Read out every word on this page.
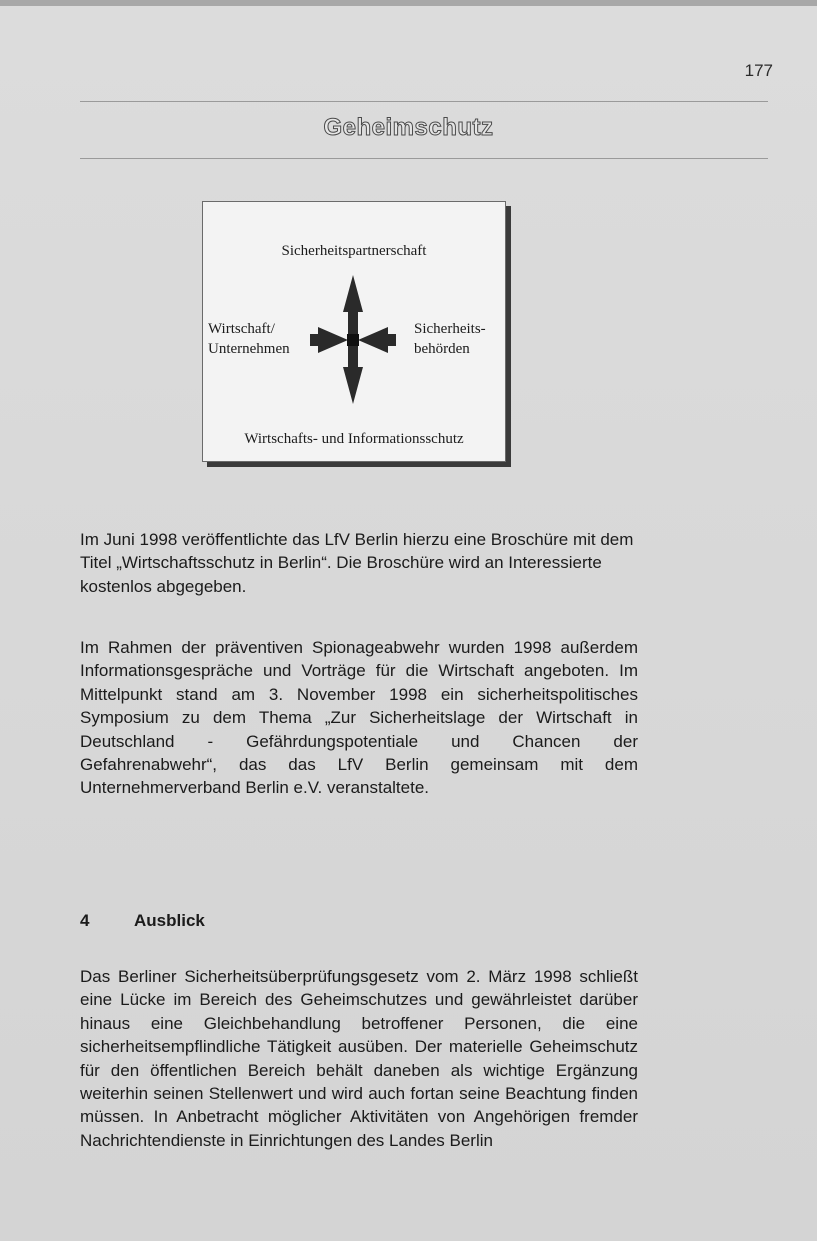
177
Geheimschutz
Sicherheitspartnerschaft
Wirtschaft/
Unternehmen
Sicherheits-
behörden
Wirtschafts- und Informationsschutz

Im Juni 1998 veröffentlichte das LfV Berlin hierzu eine Broschüre mit dem Titel „Wirtschaftsschutz in Berlin“. Die Broschüre wird an Interessierte kostenlos abgegeben.

Im Rahmen der präventiven Spionageabwehr wurden 1998 außerdem Informationsgespräche und Vorträge für die Wirtschaft angeboten. Im Mittelpunkt stand am 3. November 1998 ein sicherheitspolitisches Symposium zu dem Thema „Zur Sicherheitslage der Wirtschaft in Deutschland - Gefährdungspotentiale und Chancen der Gefahrenabwehr“, das das LfV Berlin gemeinsam mit dem Unternehmerverband Berlin e.V. veranstaltete.

4	Ausblick

Das Berliner Sicherheitsüberprüfungsgesetz vom 2. März 1998 schließt eine Lücke im Bereich des Geheimschutzes und gewährleistet darüber hinaus eine Gleichbehandlung betroffener Personen, die eine sicherheitsempflindliche Tätigkeit ausüben. Der materielle Geheimschutz für den öffentlichen Bereich behält daneben als wichtige Ergänzung weiterhin seinen Stellenwert und wird auch fortan seine Beachtung finden müssen. In Anbetracht möglicher Aktivitäten von Angehörigen fremder Nachrichtendienste in Einrichtungen des Landes Berlin
